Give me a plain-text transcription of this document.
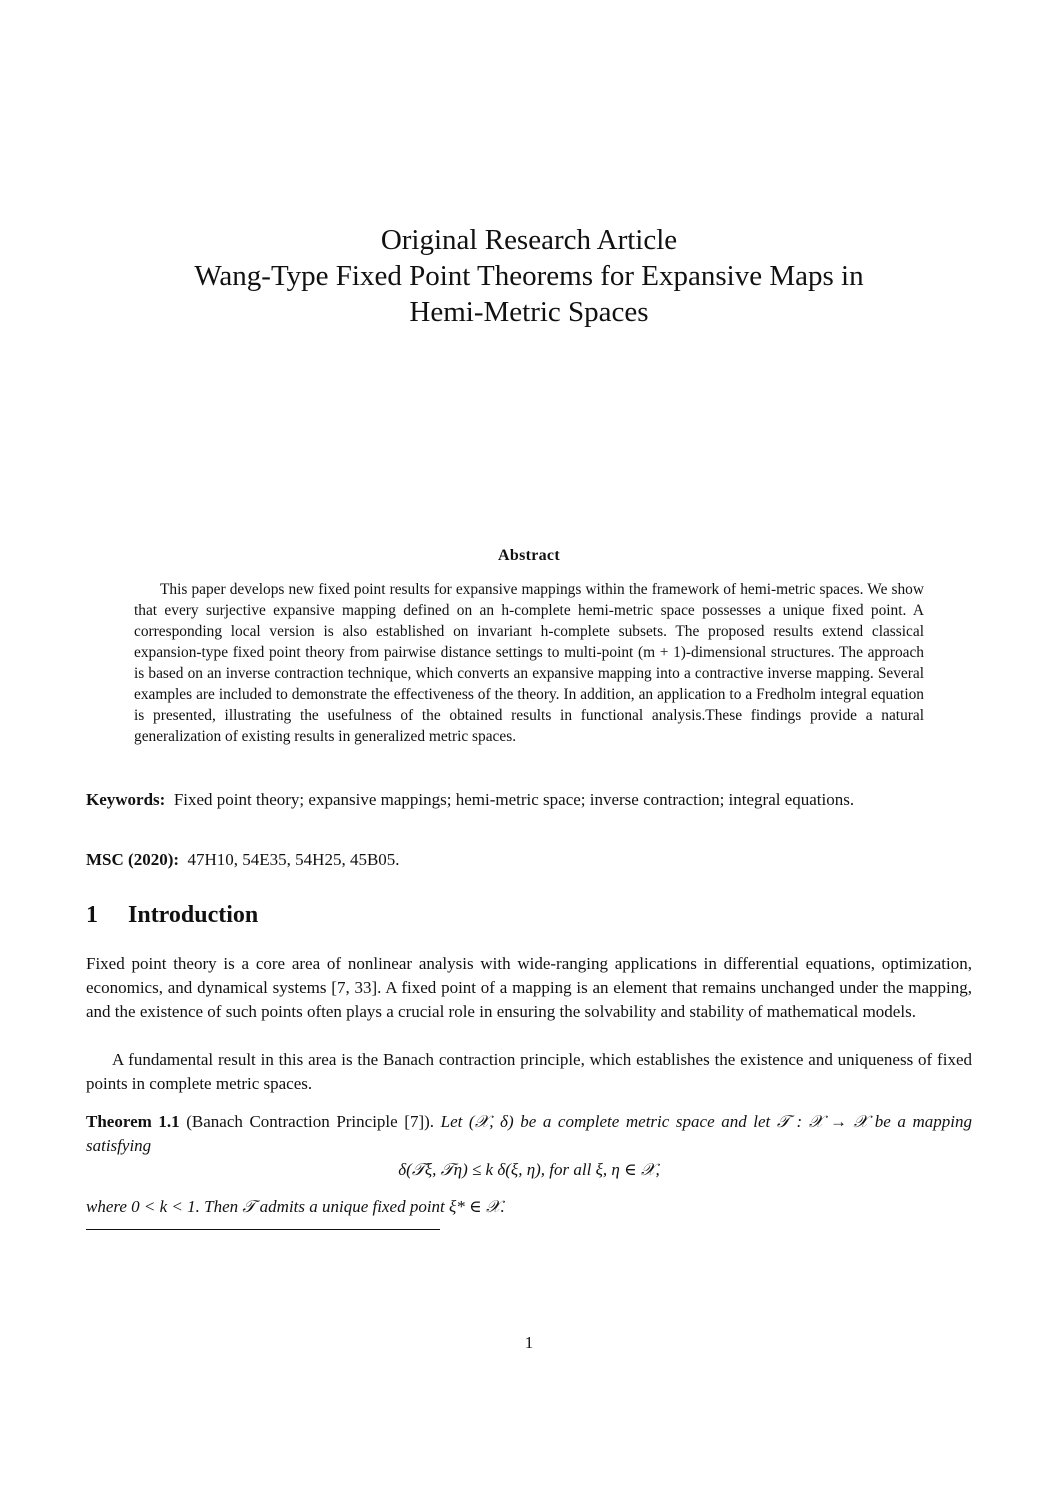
Original Research Article
Wang-Type Fixed Point Theorems for Expansive Maps in
Hemi-Metric Spaces
Abstract

This paper develops new fixed point results for expansive mappings within the framework of hemi-metric spaces. We show that every surjective expansive mapping defined on an h-complete hemi-metric space possesses a unique fixed point. A corresponding local version is also established on invariant h-complete subsets. The proposed results extend classical expansion-type fixed point theory from pairwise distance settings to multi-point (m + 1)-dimensional structures. The approach is based on an inverse contraction technique, which converts an expansive mapping into a contractive inverse mapping. Several examples are included to demonstrate the effectiveness of the theory. In addition, an application to a Fredholm integral equation is presented, illustrating the usefulness of the obtained results in functional analysis.These findings provide a natural generalization of existing results in generalized metric spaces.

Keywords: Fixed point theory; expansive mappings; hemi-metric space; inverse contraction; integral equations.

MSC (2020): 47H10, 54E35, 54H25, 45B05.

1 Introduction

Fixed point theory is a core area of nonlinear analysis with wide-ranging applications in differential equations, optimization, economics, and dynamical systems [7, 33]. A fixed point of a mapping is an element that remains unchanged under the mapping, and the existence of such points often plays a crucial role in ensuring the solvability and stability of mathematical models.

A fundamental result in this area is the Banach contraction principle, which establishes the existence and uniqueness of fixed points in complete metric spaces.

Theorem 1.1 (Banach Contraction Principle [7]). Let (𝒳, δ) be a complete metric space and let 𝒯 : 𝒳 → 𝒳 be a mapping satisfying

δ(𝒯ξ, 𝒯η) ≤ k δ(ξ, η), for all ξ, η ∈ 𝒳,

where 0 < k < 1. Then 𝒯 admits a unique fixed point ξ* ∈ 𝒳.

1
